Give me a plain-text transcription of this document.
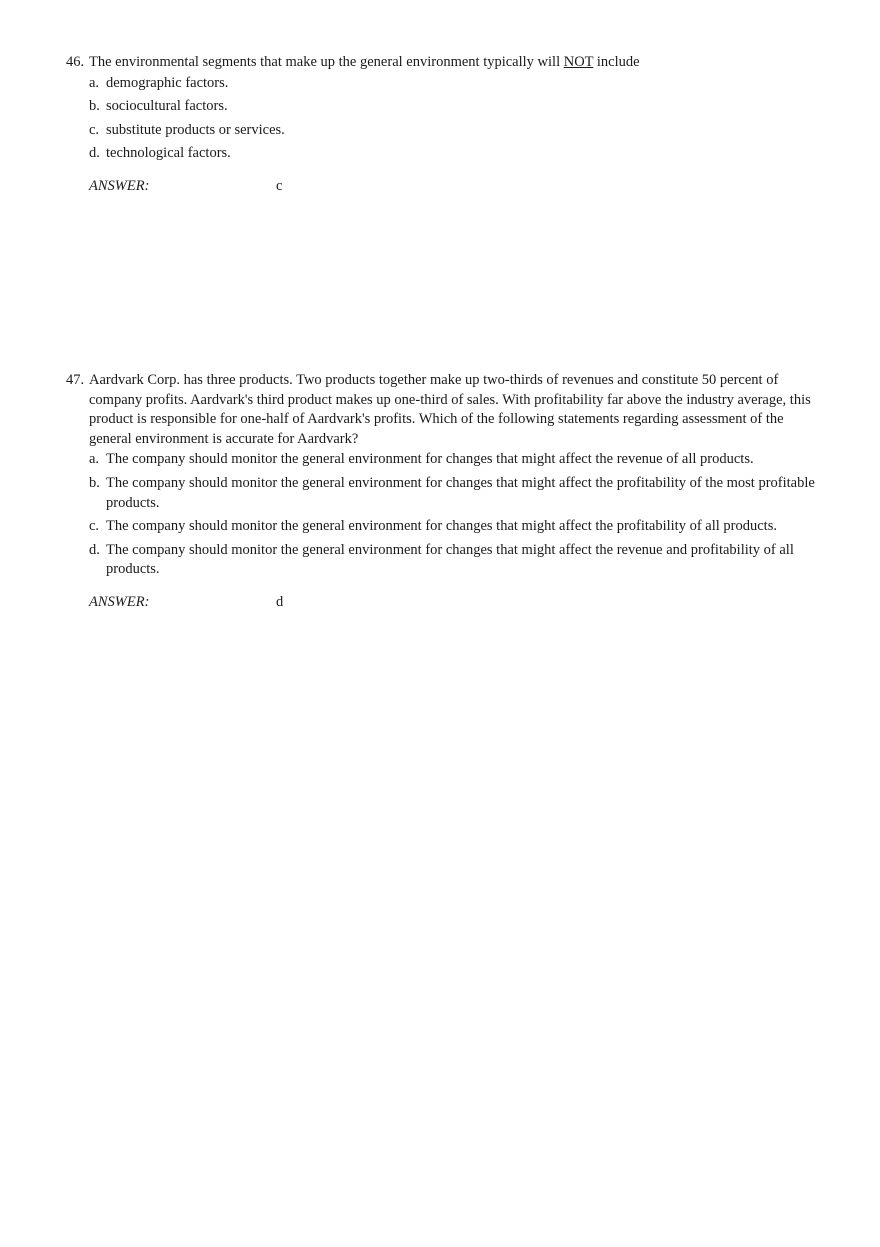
46. The environmental segments that make up the general environment typically will NOT include
a. demographic factors.
b. sociocultural factors.
c. substitute products or services.
d. technological factors.
ANSWER:	c
47. Aardvark Corp. has three products. Two products together make up two-thirds of revenues and constitute 50 percent of company profits. Aardvark's third product makes up one-third of sales. With profitability far above the industry average, this product is responsible for one-half of Aardvark's profits. Which of the following statements regarding assessment of the general environment is accurate for Aardvark?
a. The company should monitor the general environment for changes that might affect the revenue of all products.
b. The company should monitor the general environment for changes that might affect the profitability of the most profitable products.
c. The company should monitor the general environment for changes that might affect the profitability of all products.
d. The company should monitor the general environment for changes that might affect the revenue and profitability of all products.
ANSWER:	d
